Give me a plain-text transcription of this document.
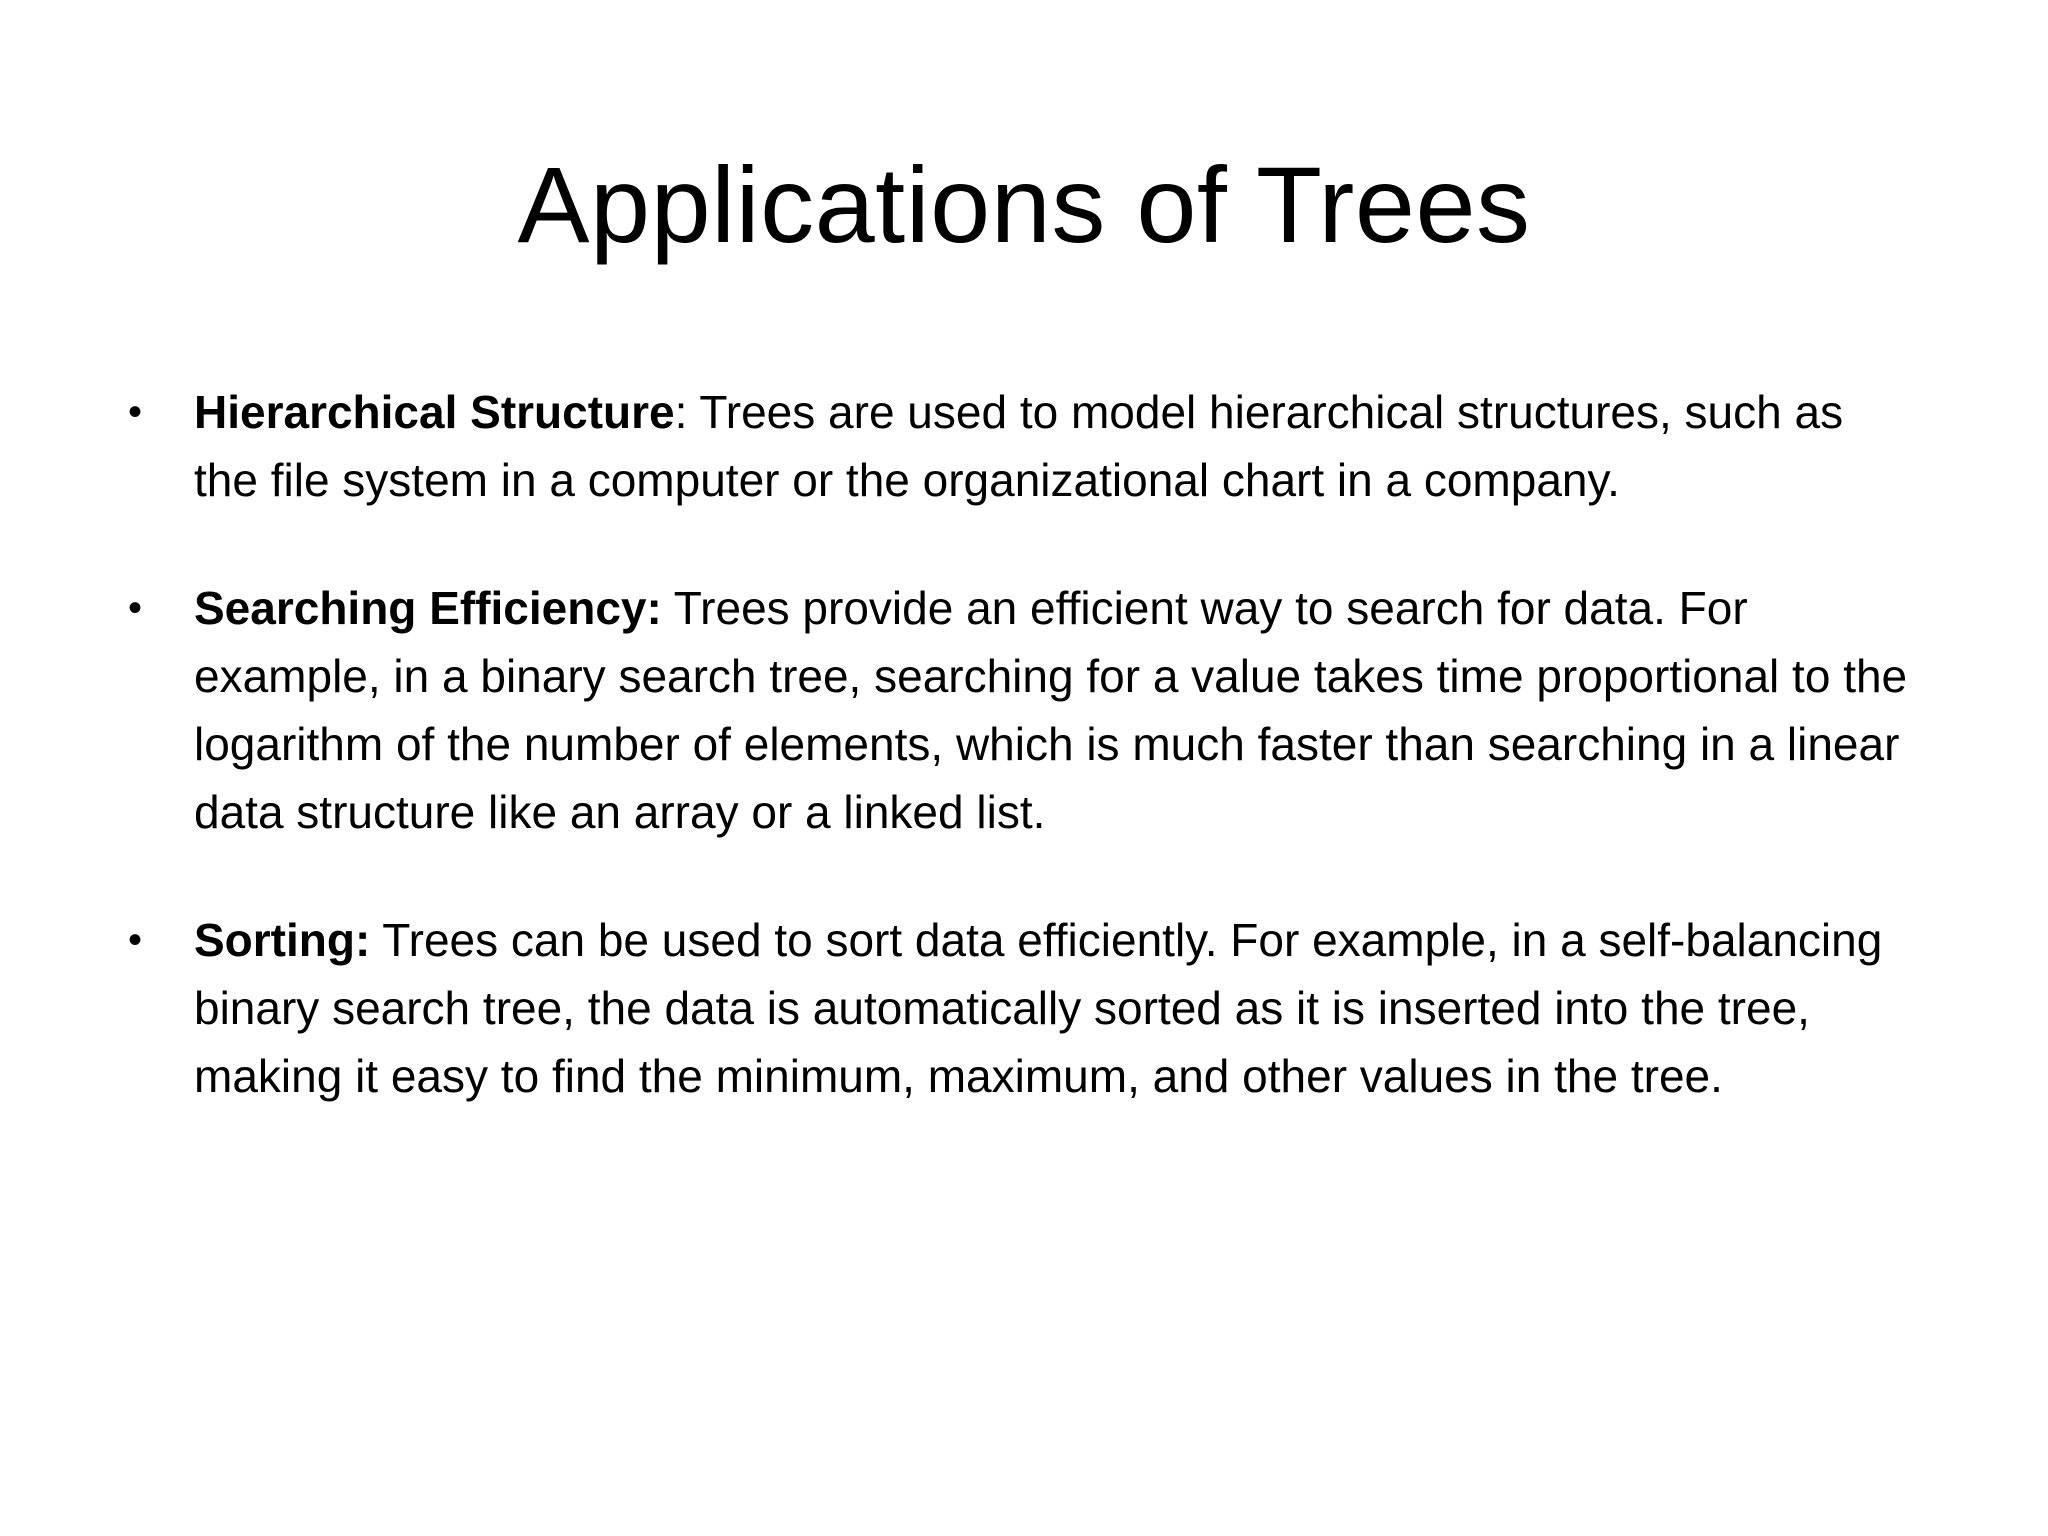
Applications of Trees
• Hierarchical Structure: Trees are used to model hierarchical structures, such as the file system in a computer or the organizational chart in a company.
• Searching Efficiency: Trees provide an efficient way to search for data. For example, in a binary search tree, searching for a value takes time proportional to the logarithm of the number of elements, which is much faster than searching in a linear data structure like an array or a linked list.
• Sorting: Trees can be used to sort data efficiently. For example, in a self-balancing binary search tree, the data is automatically sorted as it is inserted into the tree, making it easy to find the minimum, maximum, and other values in the tree.
